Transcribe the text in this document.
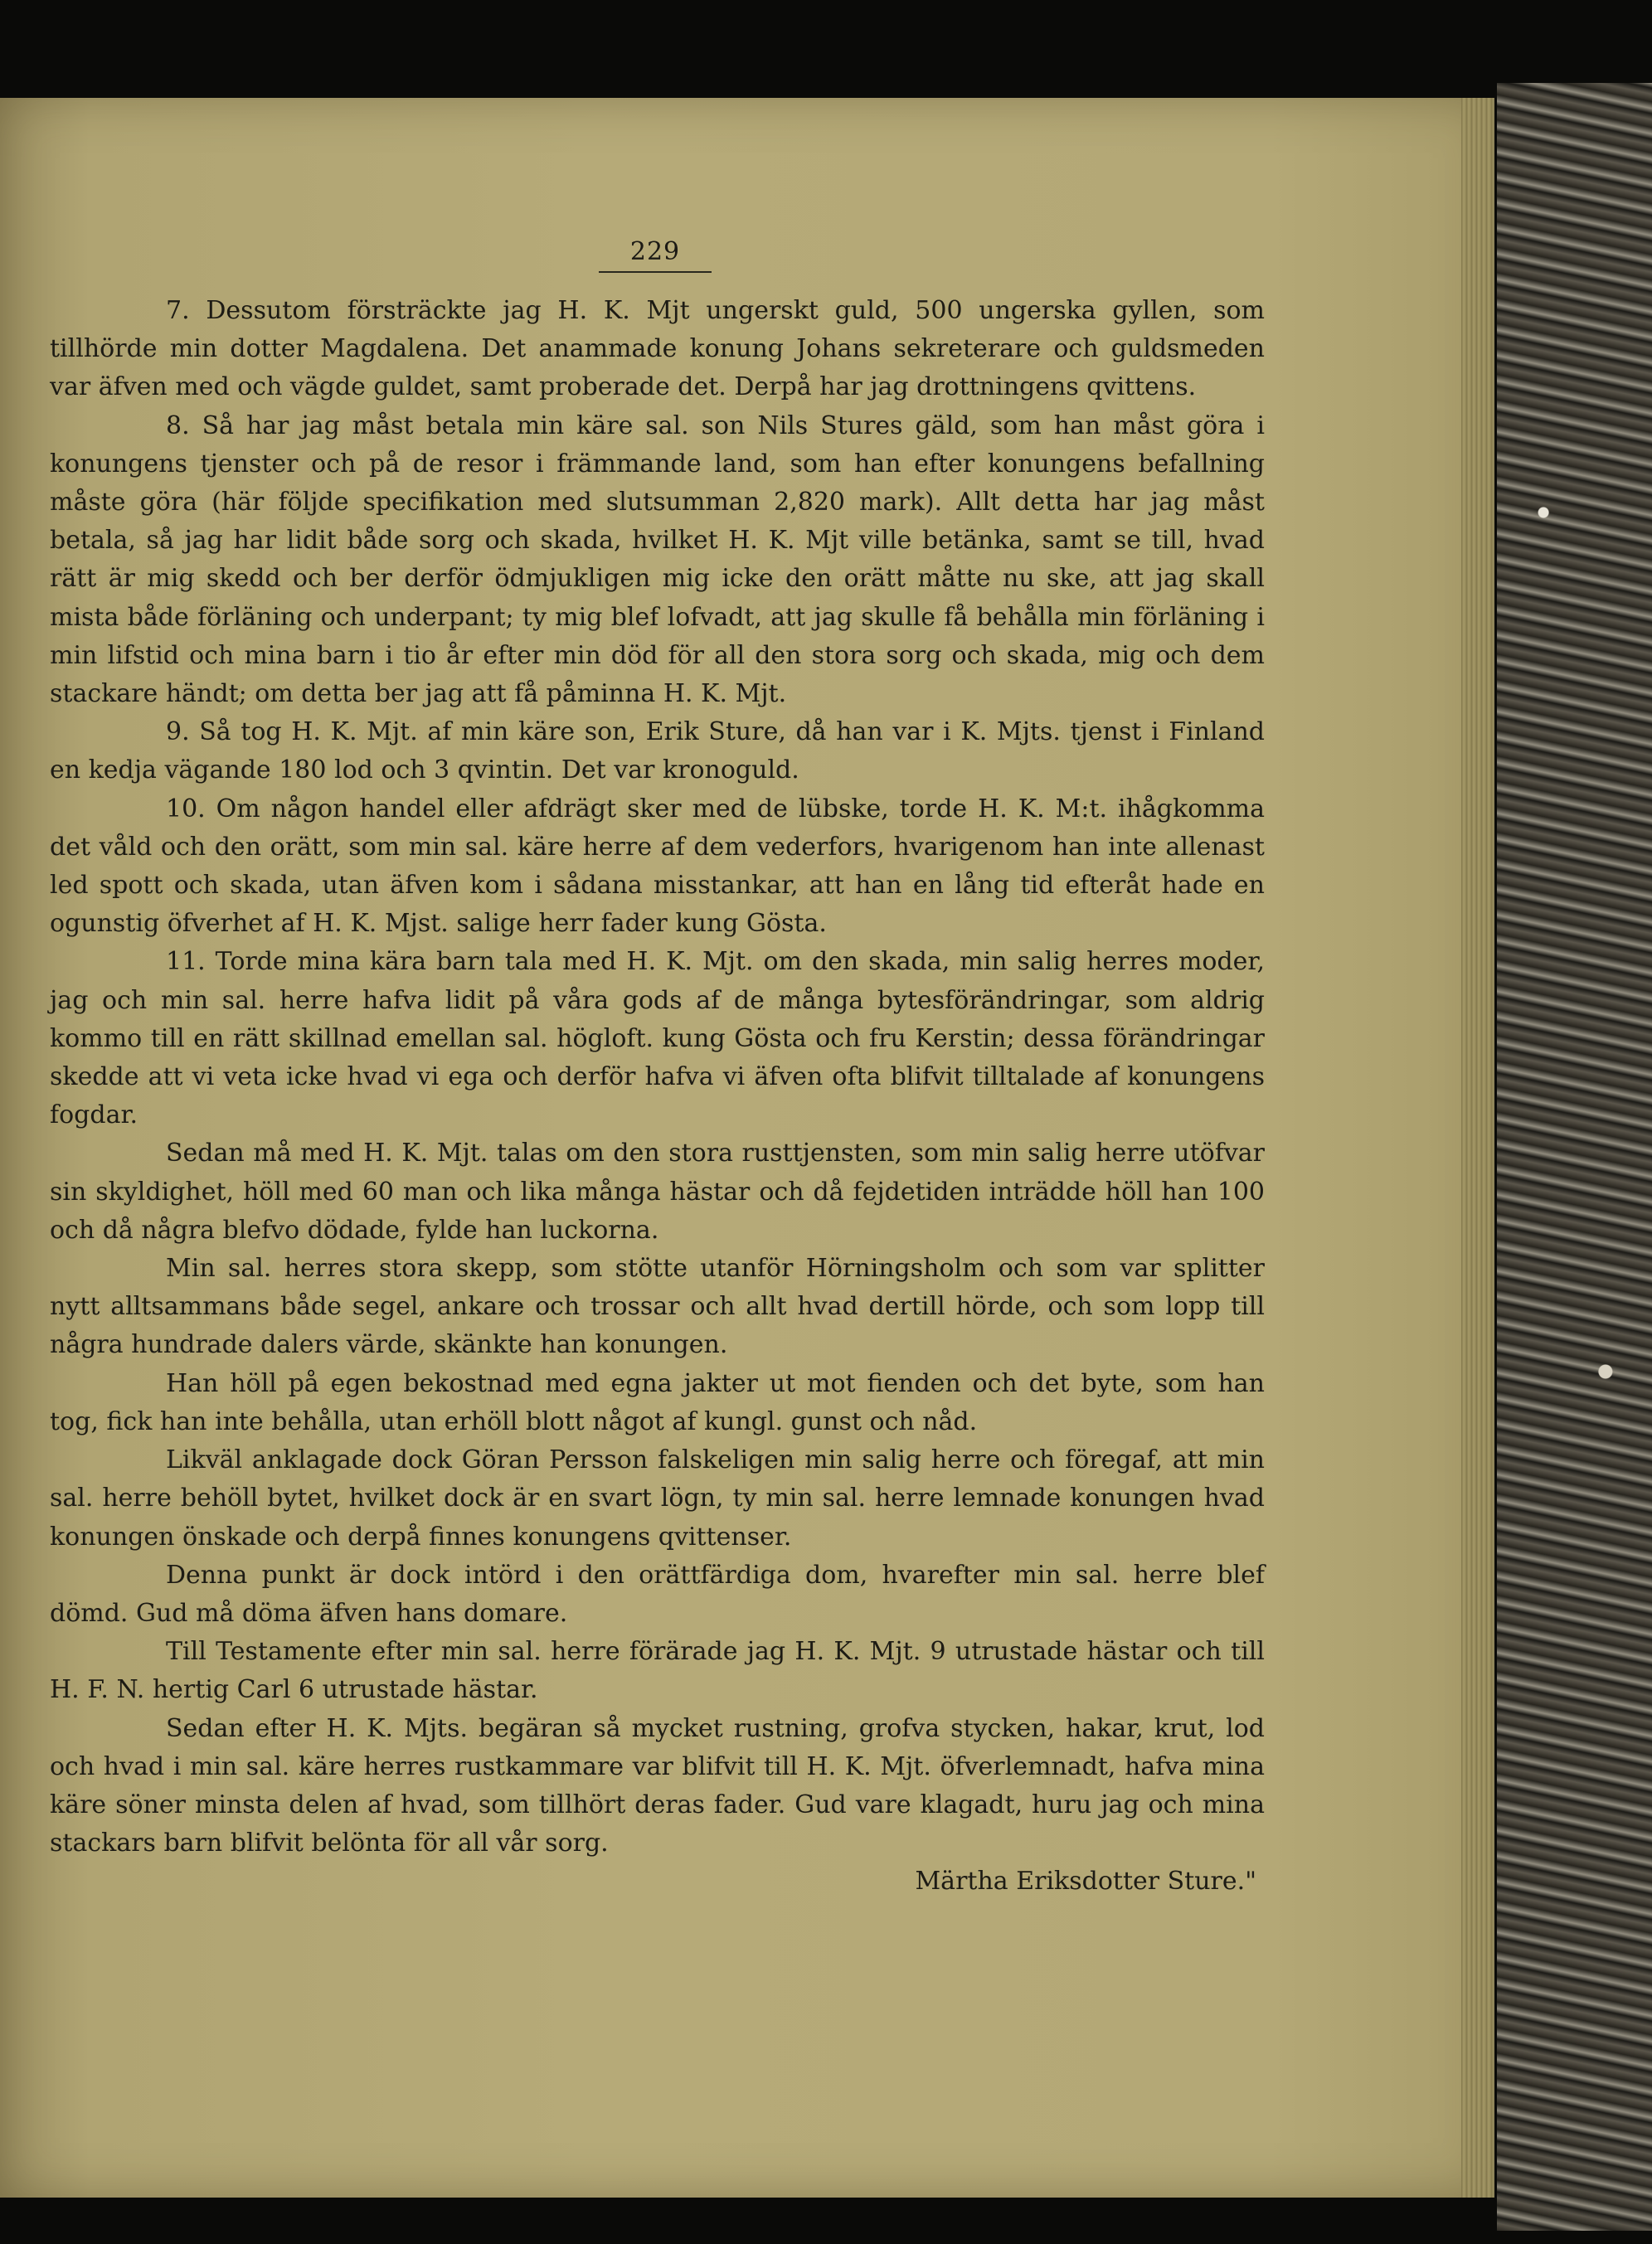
229

7. Dessutom försträckte jag H. K. Mjt ungerskt guld, 500 ungerska gyllen, som tillhörde min dotter Magdalena. Det anammade konung Johans sekreterare och guldsmeden var äfven med och vägde guldet, samt proberade det. Derpå har jag drottningens qvittens.

8. Så har jag måst betala min käre sal. son Nils Stures gäld, som han måst göra i konungens tjenster och på de resor i främmande land, som han efter konungens befallning måste göra (här följde specifikation med slutsumman 2,820 mark). Allt detta har jag måst betala, så jag har lidit både sorg och skada, hvilket H. K. Mjt ville betänka, samt se till, hvad rätt är mig skedd och ber derför ödmjukligen mig icke den orätt måtte nu ske, att jag skall mista både förläning och underpant; ty mig blef lofvadt, att jag skulle få behålla min förläning i min lifstid och mina barn i tio år efter min död för all den stora sorg och skada, mig och dem stackare händt; om detta ber jag att få påminna H. K. Mjt.

9. Så tog H. K. Mjt. af min käre son, Erik Sture, då han var i K. Mjts. tjenst i Finland en kedja vägande 180 lod och 3 qvintin. Det var kronoguld.

10. Om någon handel eller afdrägt sker med de lübske, torde H. K. M:t. ihågkomma det våld och den orätt, som min sal. käre herre af dem vederfors, hvarigenom han inte allenast led spott och skada, utan äfven kom i sådana misstankar, att han en lång tid efteråt hade en ogunstig öfverhet af H. K. Mjst. salige herr fader kung Gösta.

11. Torde mina kära barn tala med H. K. Mjt. om den skada, min salig herres moder, jag och min sal. herre hafva lidit på våra gods af de många bytesförändringar, som aldrig kommo till en rätt skillnad emellan sal. högloft. kung Gösta och fru Kerstin; dessa förändringar skedde att vi veta icke hvad vi ega och derför hafva vi äfven ofta blifvit tilltalade af konungens fogdar.

Sedan må med H. K. Mjt. talas om den stora rusttjensten, som min salig herre utöfvar sin skyldighet, höll med 60 man och lika många hästar och då fejdetiden inträdde höll han 100 och då några blefvo dödade, fylde han luckorna.

Min sal. herres stora skepp, som stötte utanför Hörningsholm och som var splitter nytt alltsammans både segel, ankare och trossar och allt hvad dertill hörde, och som lopp till några hundrade dalers värde, skänkte han konungen.

Han höll på egen bekostnad med egna jakter ut mot fienden och det byte, som han tog, fick han inte behålla, utan erhöll blott något af kungl. gunst och nåd.

Likväl anklagade dock Göran Persson falskeligen min salig herre och föregaf, att min sal. herre behöll bytet, hvilket dock är en svart lögn, ty min sal. herre lemnade konungen hvad konungen önskade och derpå finnes konungens qvittenser.

Denna punkt är dock intörd i den orättfärdiga dom, hvarefter min sal. herre blef dömd. Gud må döma äfven hans domare.

Till Testamente efter min sal. herre förärade jag H. K. Mjt. 9 utrustade hästar och till H. F. N. hertig Carl 6 utrustade hästar.

Sedan efter H. K. Mjts. begäran så mycket rustning, grofva stycken, hakar, krut, lod och hvad i min sal. käre herres rustkammare var blifvit till H. K. Mjt. öfverlemnadt, hafva mina käre söner minsta delen af hvad, som tillhört deras fader. Gud vare klagadt, huru jag och mina stackars barn blifvit belönta för all vår sorg.

Märtha Eriksdotter Sture."
